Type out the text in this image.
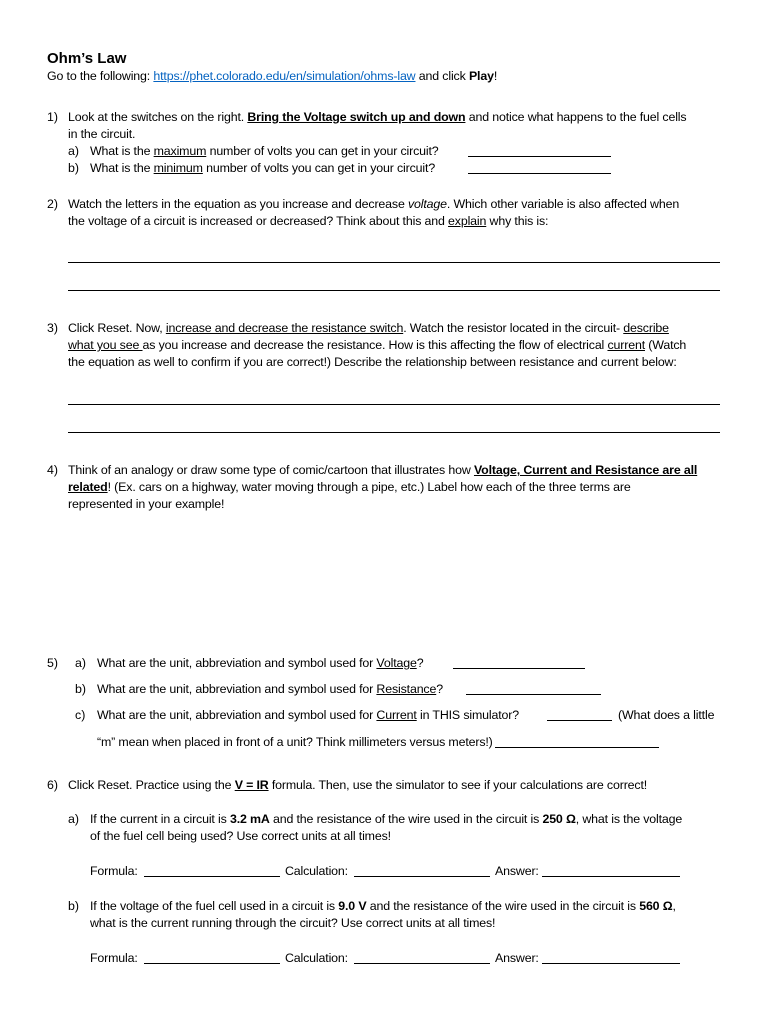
Ohm’s Law
Go to the following: https://phet.colorado.edu/en/simulation/ohms-law and click Play!
1) Look at the switches on the right. Bring the Voltage switch up and down and notice what happens to the fuel cells
in the circuit.
a) What is the maximum number of volts you can get in your circuit?
b) What is the minimum number of volts you can get in your circuit?
2) Watch the letters in the equation as you increase and decrease voltage. Which other variable is also affected when
the voltage of a circuit is increased or decreased? Think about this and explain why this is:
3) Click Reset. Now, increase and decrease the resistance switch. Watch the resistor located in the circuit- describe
what you see as you increase and decrease the resistance. How is this affecting the flow of electrical current (Watch
the equation as well to confirm if you are correct!) Describe the relationship between resistance and current below:
4) Think of an analogy or draw some type of comic/cartoon that illustrates how Voltage, Current and Resistance are all
related! (Ex. cars on a highway, water moving through a pipe, etc.) Label how each of the three terms are
represented in your example!
5) a) What are the unit, abbreviation and symbol used for Voltage?
b) What are the unit, abbreviation and symbol used for Resistance?
c) What are the unit, abbreviation and symbol used for Current in THIS simulator?	(What does a little
“m” mean when placed in front of a unit? Think millimeters versus meters!)
6) Click Reset. Practice using the V = IR formula. Then, use the simulator to see if your calculations are correct!
a) If the current in a circuit is 3.2 mA and the resistance of the wire used in the circuit is 250 Ω, what is the voltage
of the fuel cell being used? Use correct units at all times!
Formula:	Calculation:	Answer:
b) If the voltage of the fuel cell used in a circuit is 9.0 V and the resistance of the wire used in the circuit is 560 Ω,
what is the current running through the circuit? Use correct units at all times!
Formula:	Calculation:	Answer:
